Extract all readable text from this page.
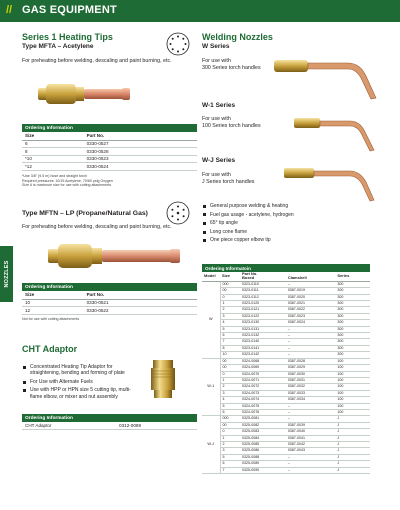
// GAS EQUIPMENT
NOZZLES
Series 1 Heating Tips
Type MFTA – Acetylene
For preheating before welding, descaling and paint burning, etc.
Ordering Information	
Size	Part No.
6	0330-0527
8	0330-0528
*10	0330-0523
*12	0330-0524
*Use 3/8" (9.5 m) hose and straight torch
Required pressures: 10/15 Acetylene, 70/80 psig Oxygen
Size 6 is maximum size for use with cutting attachments
Type MFTN – LP (Propane/Natural Gas)
For preheating before welding, descaling and paint burning, etc.
Ordering Information	
Size	Part No.
10	0330-0521
12	0330-0522
Not for use with cutting attachments
CHT Adaptor
Concentrated Heating Tip Adaptor for straightening, bending and forming of plate
For Use with Alternate Fuels
Use with HPP or HPN size 5 cutting tip, multi-flame elbow, or mixer and nut assembly
Ordering Information
CHT Adaptor	0312-0089
Welding Nozzles
W Series
For use with
300 Series torch handles
W-1 Series
For use with
100 Series torch handles
W-J Series
For use with
J Series torch handles
General purpose welding & heating
Fuel gas usage - acetylene, hydrogen
65° tip angle
Long cone flame
One piece copper elbow tip
Ordering Informatoin				
Model	Size	Part No.		Series
		Boxed	Clamshell	
W	000	0323-0110	–	300
	00	0323-0111	0387-0019	300
	0	0323-0112	0387-0020	300
	1	0323-0120	0387-0021	300
	2	0323-0121	0387-0022	300
	3	0323-0122	0387-0023	300
	4	0323-0130	0387-0024	300
	5	0323-0131	–	300
	6	0323-0132	–	300
	7	0323-0140	–	300
	8	0323-0141	–	300
	10	0323-0142	–	300
W-1	00	0324-0068	0387-0028	100
	00	0324-0069	0387-0029	100
	0	0324-0070	0387-0030	100
	1	0324-0071	0387-0031	100
	2	0324-0072	0387-0032	100
	3	0324-0073	0387-0033	100
	4	0324-0074	0387-0034	100
	5	0324-0075	–	100
	6	0324-0076	–	100
W-J	000	0325-0081	–	J
	00	0325-0082	0387-0039	J
	0	0325-0083	0387-0040	J
	1	0325-0084	0387-0041	J
	2	0325-0085	0387-0042	J
	3	0325-0086	0387-0043	J
	5	0325-0088	–	J
	6	0325-0089	–	J
	7	0325-0090	–	J
